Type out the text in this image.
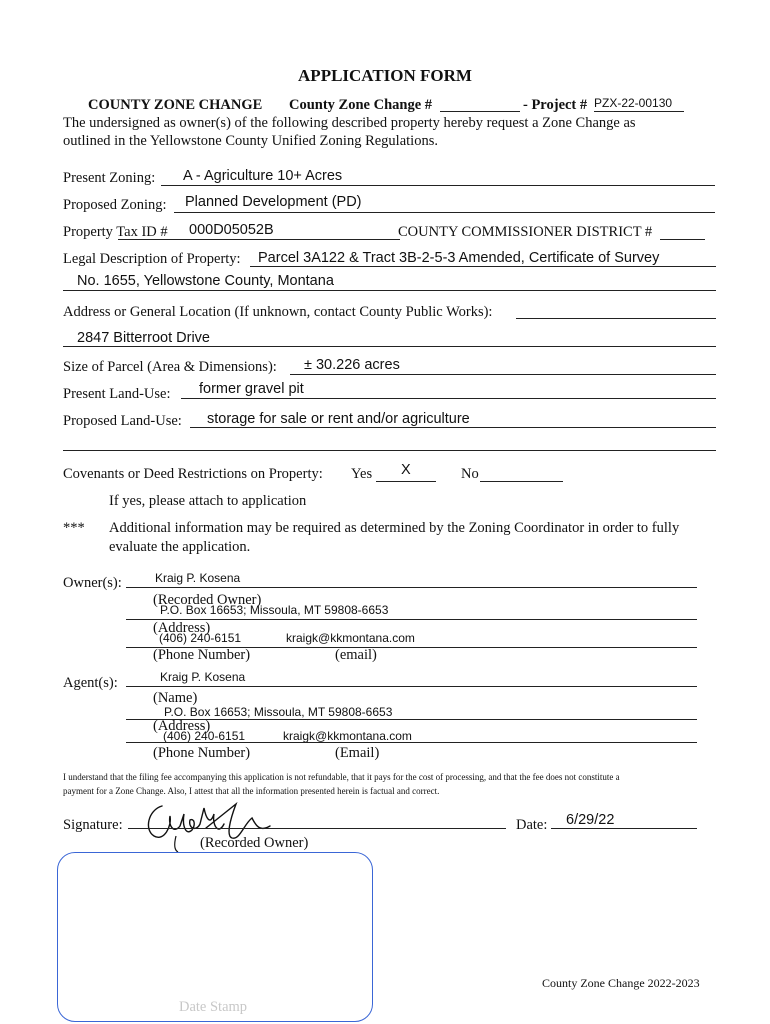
APPLICATION FORM
COUNTY ZONE CHANGE County Zone Change #	- Project # PZX-22-00130
The undersigned as owner(s) of the following described property hereby request a Zone Change as
outlined in the Yellowstone County Unified Zoning Regulations.
Present Zoning: A - Agriculture 10+ Acres
Proposed Zoning: Planned Development (PD)
Property Tax ID # 000D05052B	COUNTY COMMISSIONER DISTRICT #
Legal Description of Property: Parcel 3A122 & Tract 3B-2-5-3 Amended, Certificate of Survey
No. 1655, Yellowstone County, Montana
Address or General Location (If unknown, contact County Public Works):
2847 Bitterroot Drive
Size of Parcel (Area & Dimensions): ± 30.226 acres
Present Land-Use: former gravel pit
Proposed Land-Use: storage for sale or rent and/or agriculture
Covenants or Deed Restrictions on Property: Yes X	No
If yes, please attach to application
*** Additional information may be required as determined by the Zoning Coordinator in order to fully
evaluate the application.
Owner(s):	Kraig P. Kosena
(Recorded Owner)
P.O. Box 16653; Missoula, MT 59808-6653
(Address)
(406) 240-6151	kraigk@kkmontana.com
(Phone Number)	(email)
Agent(s):	Kraig P. Kosena
(Name)
P.O. Box 16653; Missoula, MT 59808-6653
(Address)
(406) 240-6151	kraigk@kkmontana.com
(Phone Number)	(Email)
I understand that the filing fee accompanying this application is not refundable, that it pays for the cost of processing, and that the fee does not constitute a
payment for a Zone Change. Also, I attest that all the information presented herein is factual and correct.
Signature:
(Recorded Owner)
Date: 6/29/22
Date Stamp
County Zone Change 2022-2023
